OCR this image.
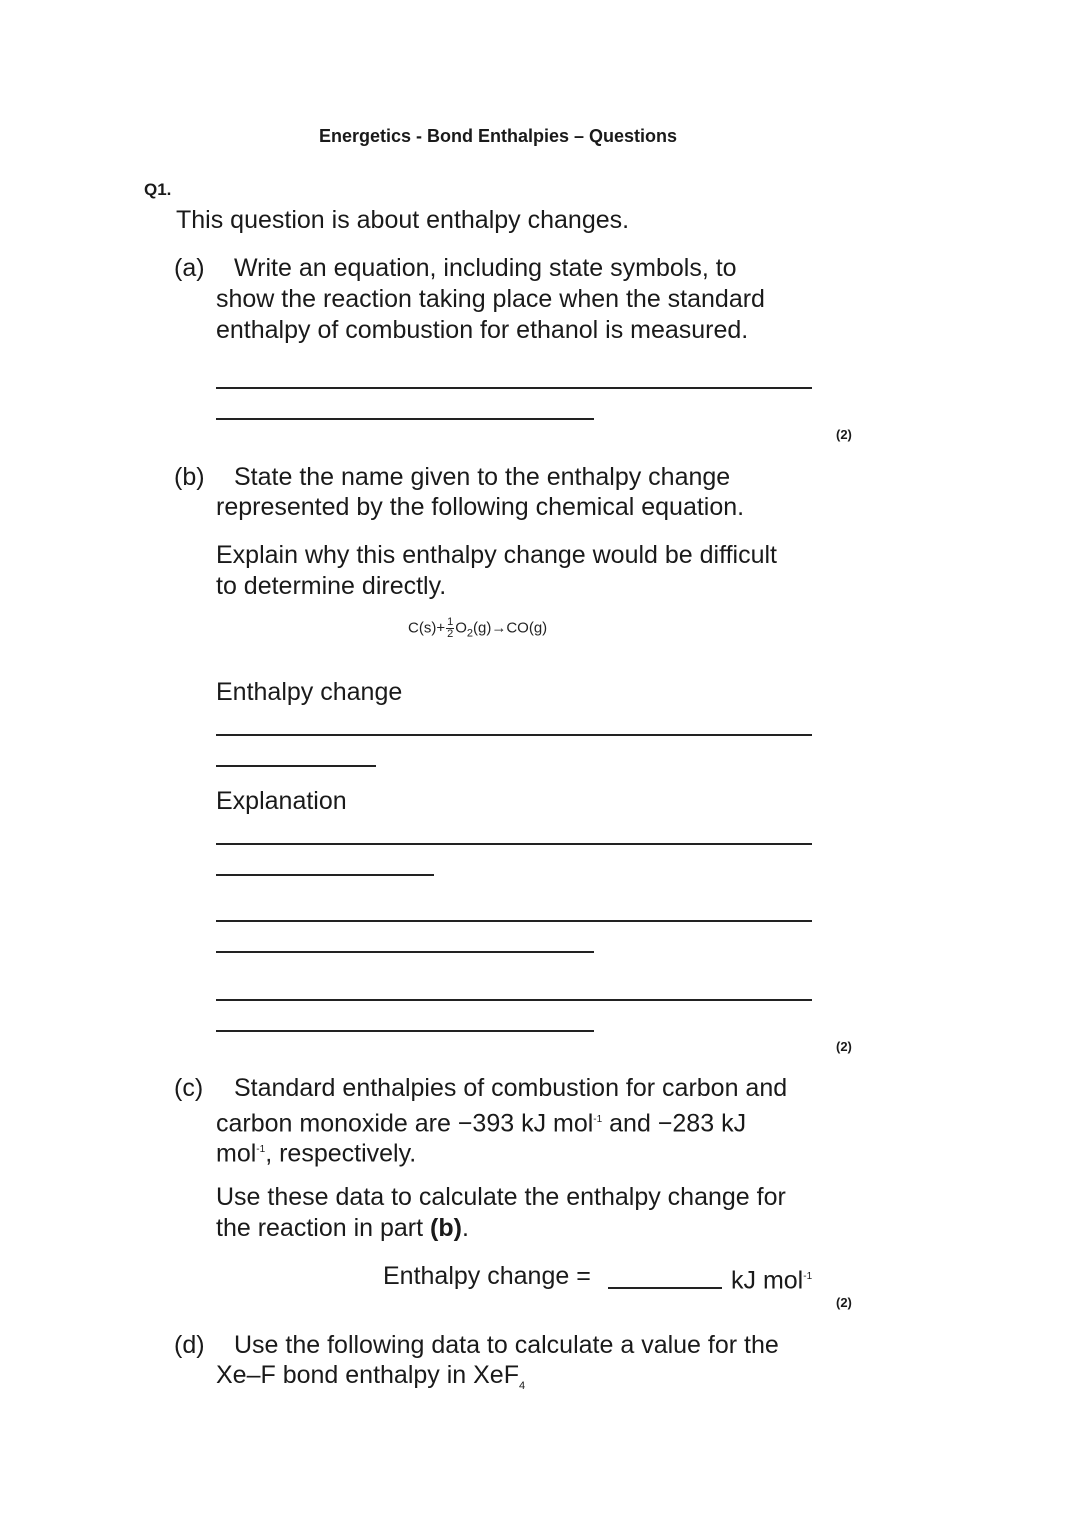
Energetics - Bond Enthalpies – Questions
Q1.
This question is about enthalpy changes.
(a) Write an equation, including state symbols, to
show the reaction taking place when the standard
enthalpy of combustion for ethanol is measured.
(2)
(b) State the name given to the enthalpy change
represented by the following chemical equation.
Explain why this enthalpy change would be difficult
to determine directly.
$C(s)+ \frac{1}{2} O_2(g)\to CO(g)$
Enthalpy change
Explanation
(2)
(c) Standard enthalpies of combustion for carbon and
carbon monoxide are −393 kJ mol$^{-1}$ and −283 kJ
mol$^{-1}$, respectively.
Use these data to calculate the enthalpy change for
the reaction in part (b).
Enthalpy change =	kJ mol$^{-1}$
(2)
(d) Use the following data to calculate a value for the
Xe–F bond enthalpy in XeF$_4$
